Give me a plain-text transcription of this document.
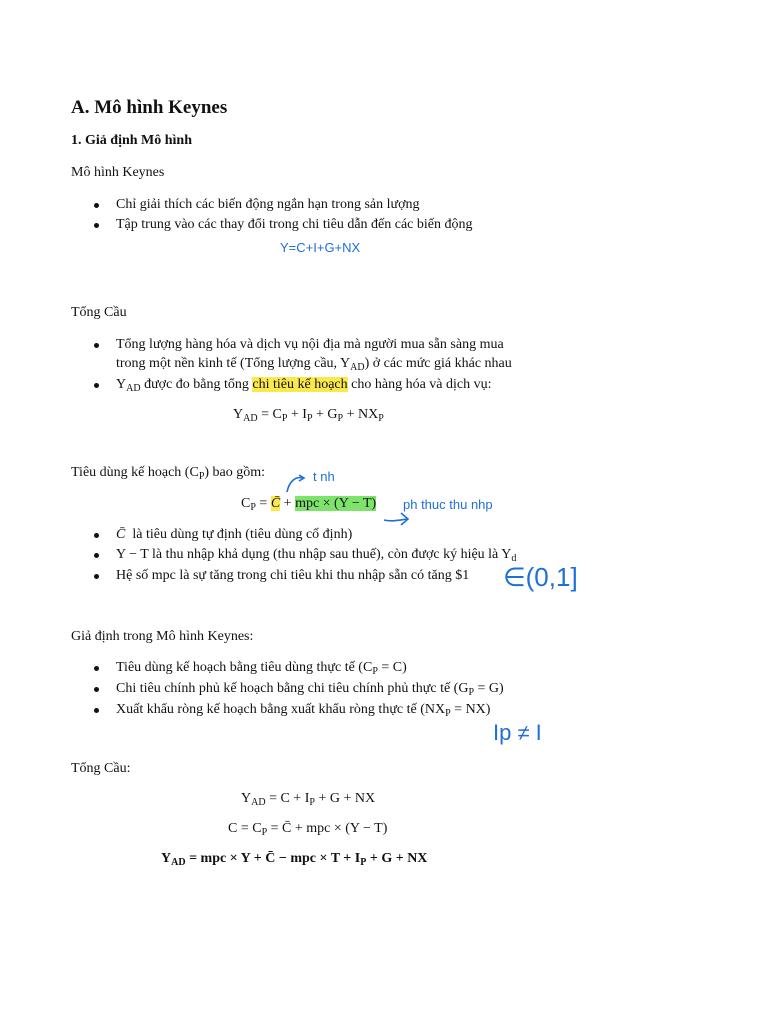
A. Mô hình Keynes
1. Giả định Mô hình
Mô hình Keynes
Chỉ giải thích các biến động ngắn hạn trong sản lượng
Tập trung vào các thay đổi trong chi tiêu dẫn đến các biến động
Y=C+I+G+NX
Tổng Cầu
Tổng lượng hàng hóa và dịch vụ nội địa mà người mua sẵn sàng mua
trong một nền kinh tế (Tổng lượng cầu, $Y_{AD}$) ở các mức giá khác nhau
$Y_{AD}$ được đo bằng tổng chi tiêu kế hoạch cho hàng hóa và dịch vụ:
$Y_{AD} = C_P + I_P + G_P + NX_P$
Tiêu dùng kế hoạch $(C_P)$ bao gồm:	t nh
$C_P$ = C̄ + mpc × (Y − T) ph thuc thu nhp
C̄ là tiêu dùng tự định (tiêu dùng cố định)
Y − T là thu nhập khả dụng (thu nhập sau thuế), còn được ký hiệu là $Y_d$
Hệ số mpc là sự tăng trong chi tiêu khi thu nhập sẵn có tăng $1 ∈(0,1]
Giả định trong Mô hình Keynes:
Tiêu dùng kế hoạch bằng tiêu dùng thực tế $(C_P = C)$
Chi tiêu chính phủ kế hoạch bằng chi tiêu chính phủ thực tế $(G_P = G)$
Xuất khẩu ròng kế hoạch bằng xuất khẩu ròng thực tế $(NX_P = NX)$
Ip ≠ I
Tổng Cầu:
$Y_{AD} = C + I_P + G$ + NX
$C = C_P$ = C̄ + mpc × (Y − T)
$Y_{AD}$ = mpc × Y + C̄ − mpc × $T + I_P + G$ + NX
